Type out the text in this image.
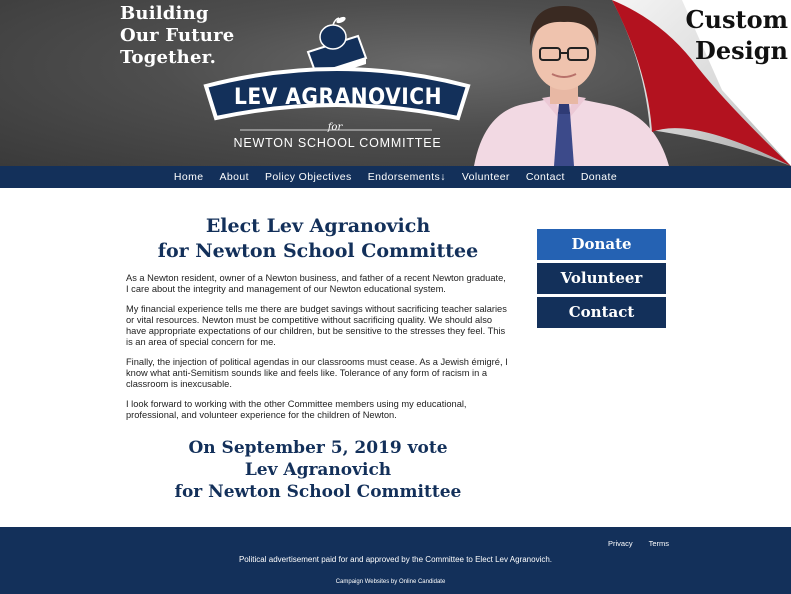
Building
Our Future
Together.
LEV AGRANOVICH
for
NEWTON SCHOOL COMMITTEE
Custom
Design
Home	About	Policy Objectives	Endorsements↓	Volunteer	Contact	Donate
Elect Lev Agranovich
for Newton School Committee

As a Newton resident, owner of a Newton business, and father of a recent Newton graduate, I care about the integrity and management of our Newton educational system.

My financial experience tells me there are budget savings without sacrificing teacher salaries or vital resources. Newton must be competitive without sacrificing quality. We should also have appropriate expectations of our children, but be sensitive to the stresses they feel. This is an area of special concern for me.

Finally, the injection of political agendas in our classrooms must cease. As a Jewish émigré, I know what anti-Semitism sounds like and feels like. Tolerance of any form of racism in a classroom is inexcusable.

I look forward to working with the other Committee members using my educational, professional, and volunteer experience for the children of Newton.

On September 5, 2019 vote
Lev Agranovich
for Newton School Committee
Donate
Volunteer
Contact
Privacy Terms
Political advertisement paid for and approved by the Committee to Elect Lev Agranovich.
Campaign Websites by Online Candidate
